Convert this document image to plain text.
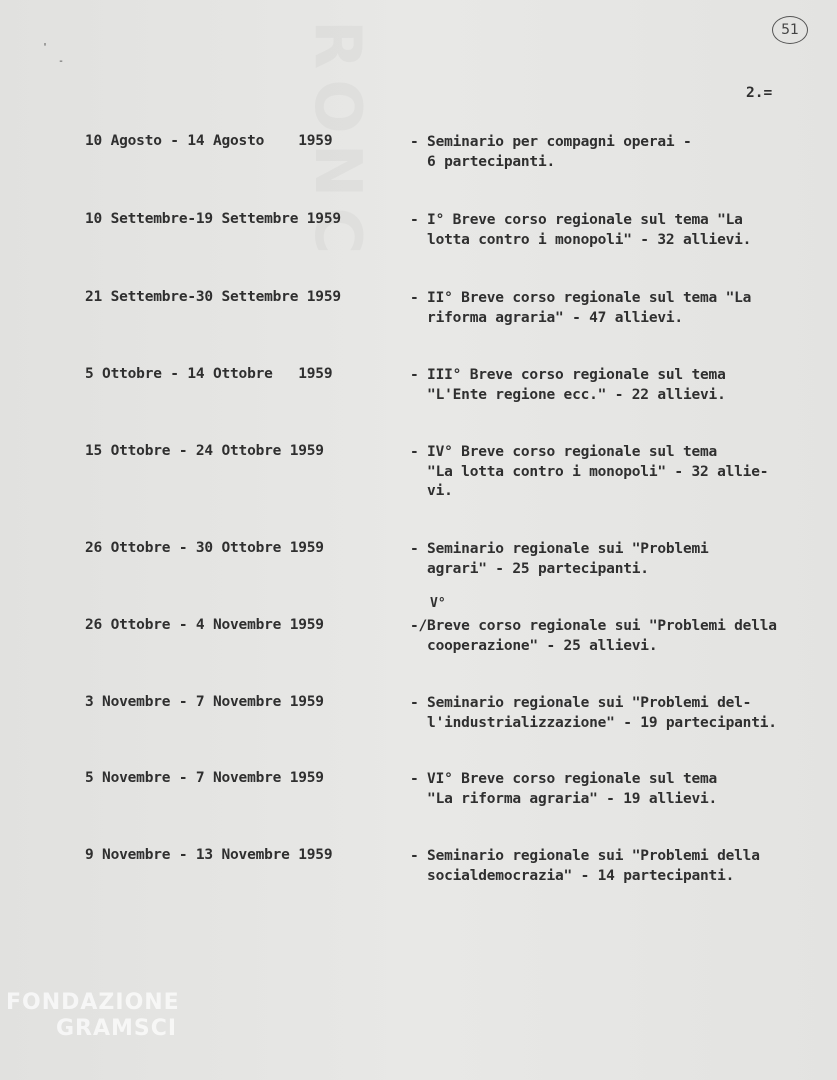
RONC
'
-
51
2.=
10 Agosto - 14 Agosto    1959	- Seminario per compagni operai -
6 partecipanti.
10 Settembre-19 Settembre 1959	- I° Breve corso regionale sul tema "La
lotta contro i monopoli" - 32 allievi.
21 Settembre-30 Settembre 1959	- II° Breve corso regionale sul tema "La
riforma agraria" - 47 allievi.
5 Ottobre - 14 Ottobre   1959	- III° Breve corso regionale sul tema
"L'Ente regione ecc." - 22 allievi.
15 Ottobre - 24 Ottobre 1959	- IV° Breve corso regionale sul tema
"La lotta contro i monopoli" - 32 allie-
vi.
26 Ottobre - 30 Ottobre 1959	- Seminario regionale sui "Problemi
agrari" - 25 partecipanti.
V°
26 Ottobre - 4 Novembre 1959	-/Breve corso regionale sui "Problemi della
cooperazione" - 25 allievi.
3 Novembre - 7 Novembre 1959	- Seminario regionale sui "Problemi del-
l'industrializzazione" - 19 partecipanti.
5 Novembre - 7 Novembre 1959	- VI° Breve corso regionale sul tema
"La riforma agraria" - 19 allievi.
9 Novembre - 13 Novembre 1959	- Seminario regionale sui "Problemi della
socialdemocrazia" - 14 partecipanti.
FONDAZIONE
GRAMSCI
